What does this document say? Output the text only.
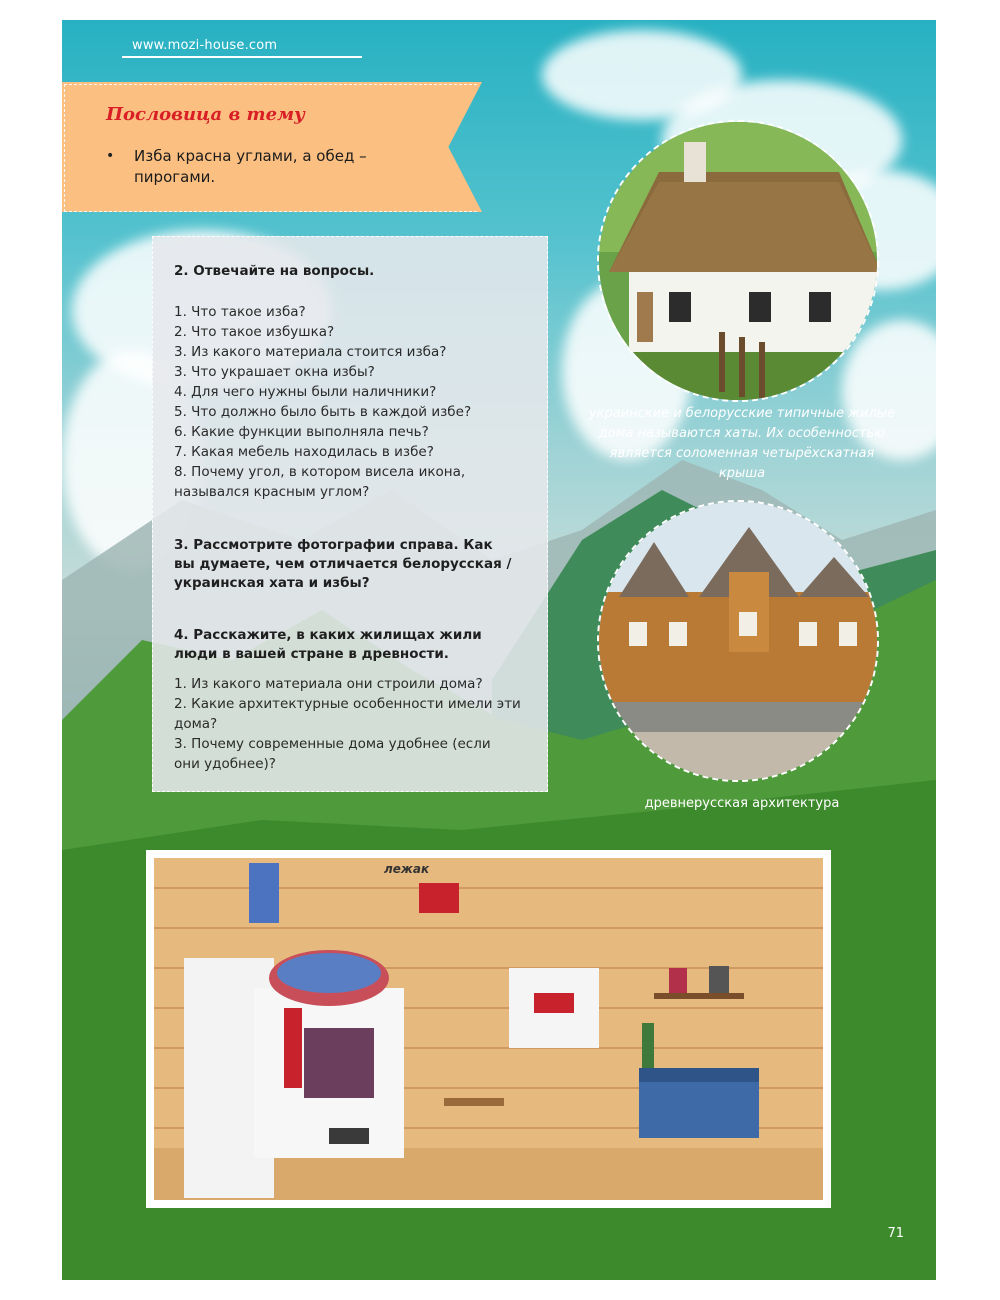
www.mozi-house.com
Пословица в тему
• Изба красна углами, а обед – пирогами.
2. Отвечайте на вопросы.
1. Что такое изба?
2. Что такое избушка?
3. Из какого материала стоится изба?
3. Что украшает окна избы?
4. Для чего нужны были наличники?
5. Что должно было быть в каждой избе?
6. Какие функции выполняла печь?
7. Какая мебель находилась в избе?
8. Почему угол, в котором висела икона,
называлcя красным углом?
3. Рассмотрите фотографии справа. Как
вы думаете, чем отличается белорусская /
украинская хата и избы?
4. Расскажите, в каких жилищах жили
люди в вашей стране в древности.
1. Из какого материала они строили дома?
2. Какие архитектурные особенности имели эти
дома?
3. Почему современные дома удобнее (если
они удобнее)?
украинские и белорусские типичные жилые
дома называются хаты. Их особенностью
является соломенная четырёхскатная
крыша
древнерусская архитектура
лежак
71
